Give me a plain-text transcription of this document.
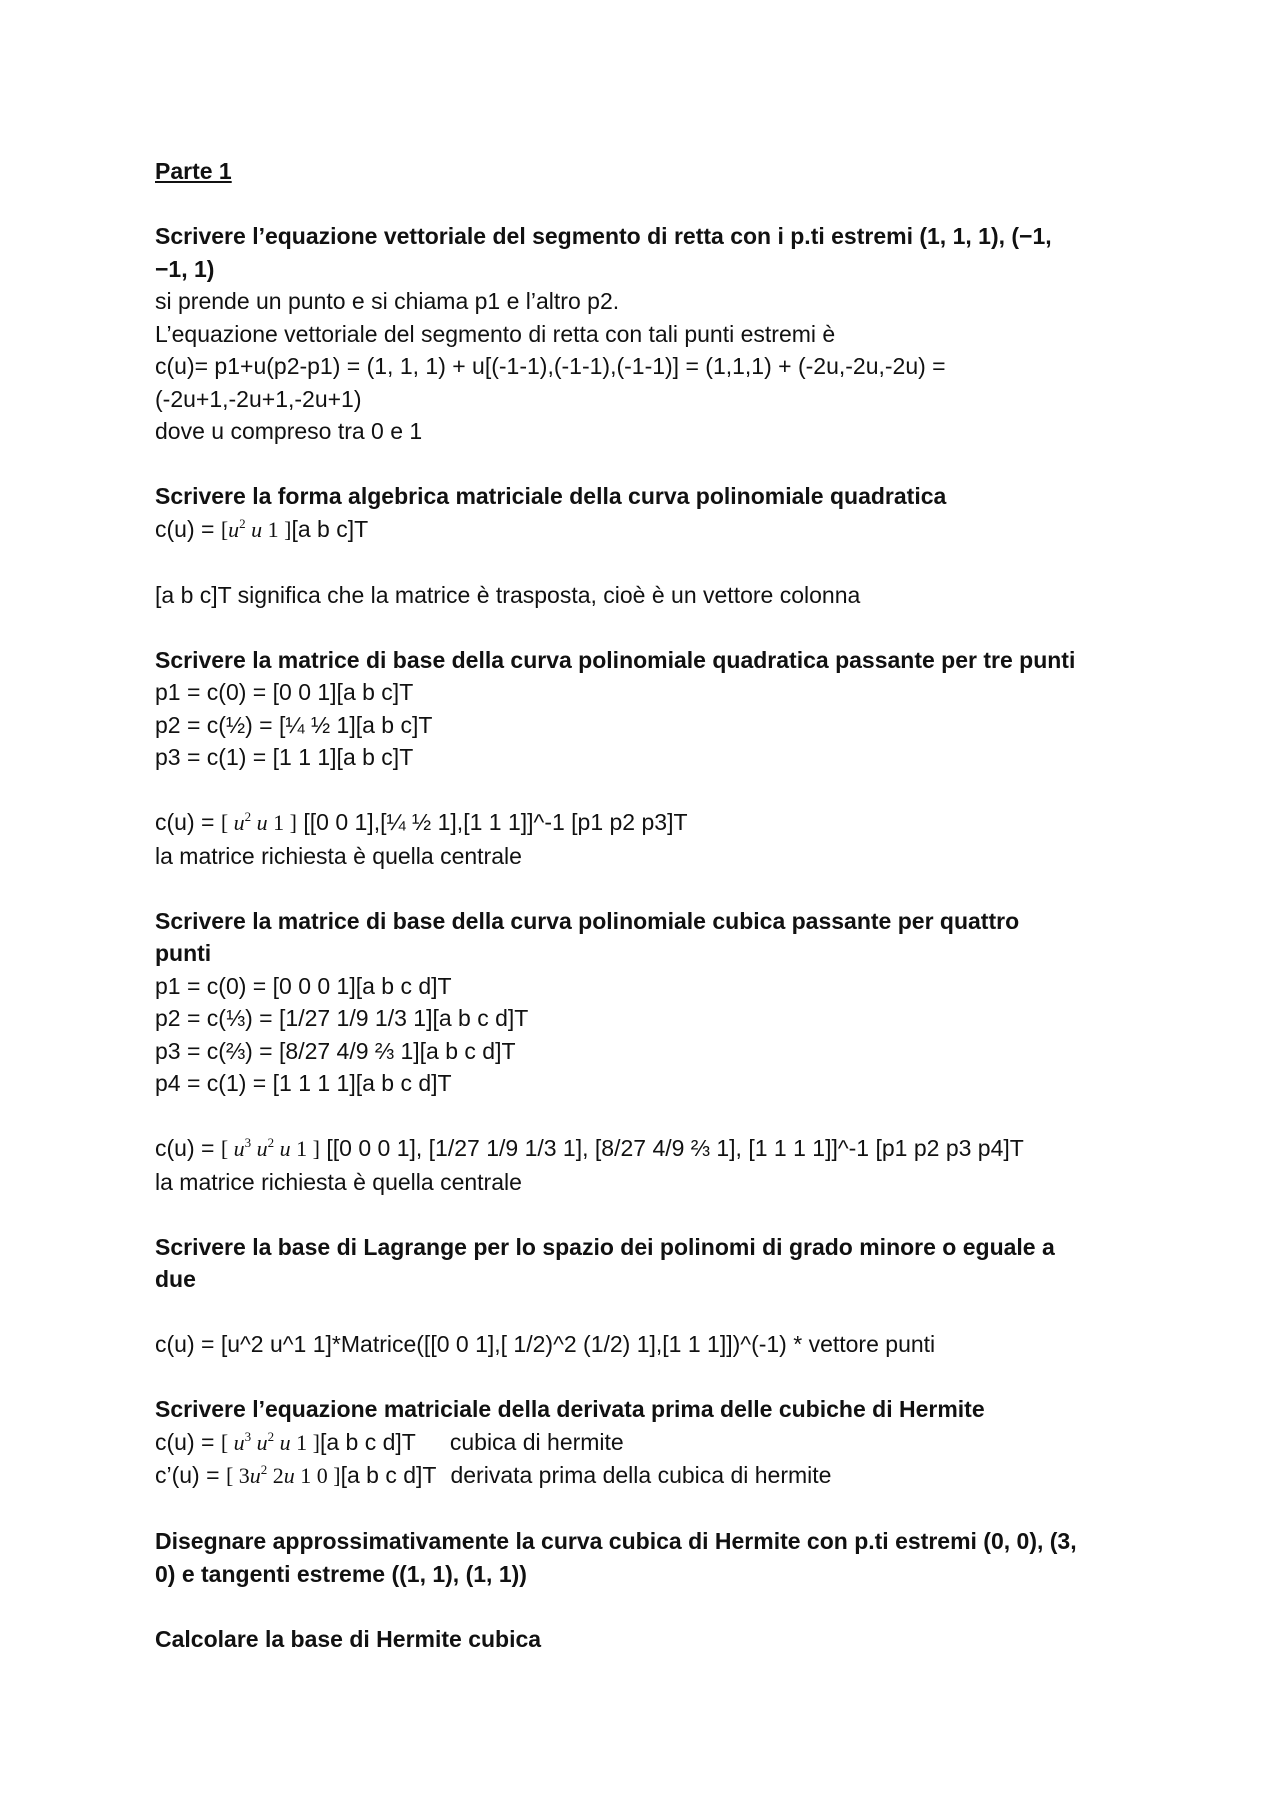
Parte 1
Scrivere l’equazione vettoriale del segmento di retta con i p.ti estremi (1, 1, 1), (−1,
−1, 1)
si prende un punto e si chiama p1 e l’altro p2.
L’equazione vettoriale del segmento di retta con tali punti estremi è
c(u)= p1+u(p2-p1) = (1, 1, 1) + u[(-1-1),(-1-1),(-1-1)] = (1,1,1) + (-2u,-2u,-2u) =
(-2u+1,-2u+1,-2u+1)
dove u compreso tra 0 e 1
Scrivere la forma algebrica matriciale della curva polinomiale quadratica
$c(u) = [u^2$ u 1 ][a b c]T
[a b c]T significa che la matrice è trasposta, cioè è un vettore colonna
Scrivere la matrice di base della curva polinomiale quadratica passante per tre punti
p1 = c(0) = [0 0 1][a b c]T
p2 = c(½) = [¼ ½ 1][a b c]T
p3 = c(1) = [1 1 1][a b c]T
c(u) = [ $u^2$ u 1 ] [[0 0 1],[¼ ½ 1],[1 1 1]]^-1 [p1 p2 p3]T
la matrice richiesta è quella centrale
Scrivere la matrice di base della curva polinomiale cubica passante per quattro
punti
p1 = c(0) = [0 0 0 1][a b c d]T
p2 = c(⅓) = [1/27 1/9 1/3 1][a b c d]T
p3 = c(⅔) = [8/27 4/9 ⅔ 1][a b c d]T
p4 = c(1) = [1 1 1 1][a b c d]T
c(u) = [ $u^3$ $u^2$ u 1 ] [[0 0 0 1], [1/27 1/9 1/3 1], [8/27 4/9 ⅔ 1], [1 1 1 1]]^-1 [p1 p2 p3 p4]T
la matrice richiesta è quella centrale
Scrivere la base di Lagrange per lo spazio dei polinomi di grado minore o eguale a
due
c(u) = [u^2 u^1 1]*Matrice([[0 0 1],[ 1/2)^2 (1/2) 1],[1 1 1]])^(-1) * vettore punti
Scrivere l’equazione matriciale della derivata prima delle cubiche di Hermite
c(u) = [ $u^3$ $u^2$ u 1 ][a b c d]T cubica di hermite
c’(u) = [ $3u^2$ 2u 1 0 ][a b c d]T derivata prima della cubica di hermite
Disegnare approssimativamente la curva cubica di Hermite con p.ti estremi (0, 0), (3,
0) e tangenti estreme ((1, 1), (1, 1))
Calcolare la base di Hermite cubica
